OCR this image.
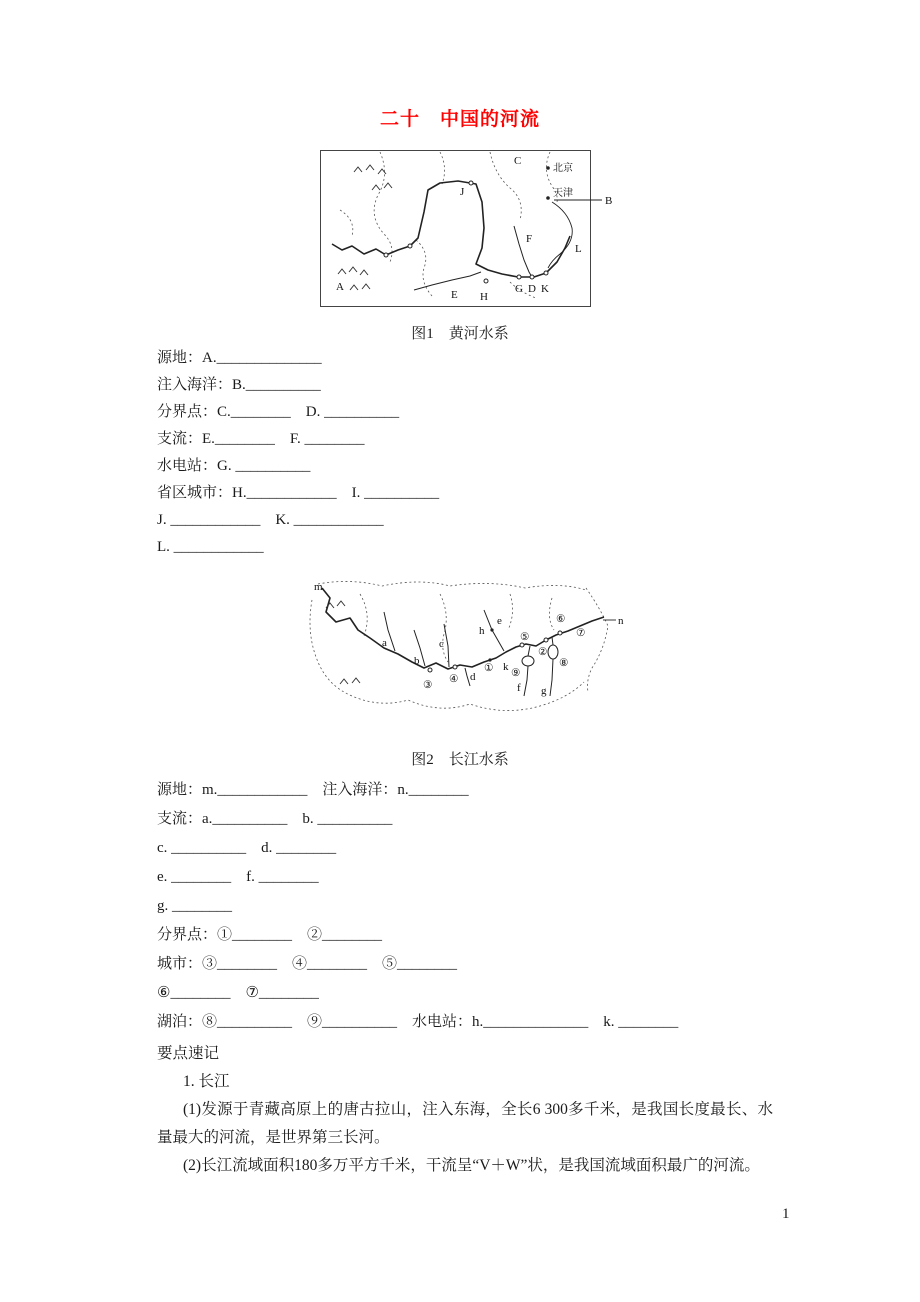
二十　中国的河流
C
北京
天津
B
J
F
L
A
E H
G D K
图1　黄河水系
源地：A.______________
注入海洋：B.__________
分界点：C.________　D. __________
支流：E.________　F. ________
水电站：G. __________
省区城市：H.____________　I. __________
J. ____________　K. ____________
L. ____________
m
n
a
b
c
d
e
f g
h
k
①
②
③
④
⑤
⑥
⑦
⑧
⑨
图2　长江水系
源地：m.____________　注入海洋：n.________
支流：a.__________　b. __________
c. __________　d. ________
e. ________　f. ________
g. ________
分界点：①________　②________
城市：③________　④________　⑤________
⑥________　⑦________
湖泊：⑧__________　⑨__________　水电站：h.______________　k. ________

要点速记

1. 长江

(1)发源于青藏高原上的唐古拉山，注入东海，全长6 300多千米，是我国长度最长、水量最大的河流，是世界第三长河。

(2)长江流域面积180多万平方千米，干流呈“V＋W”状，是我国流域面积最广的河流。

1
